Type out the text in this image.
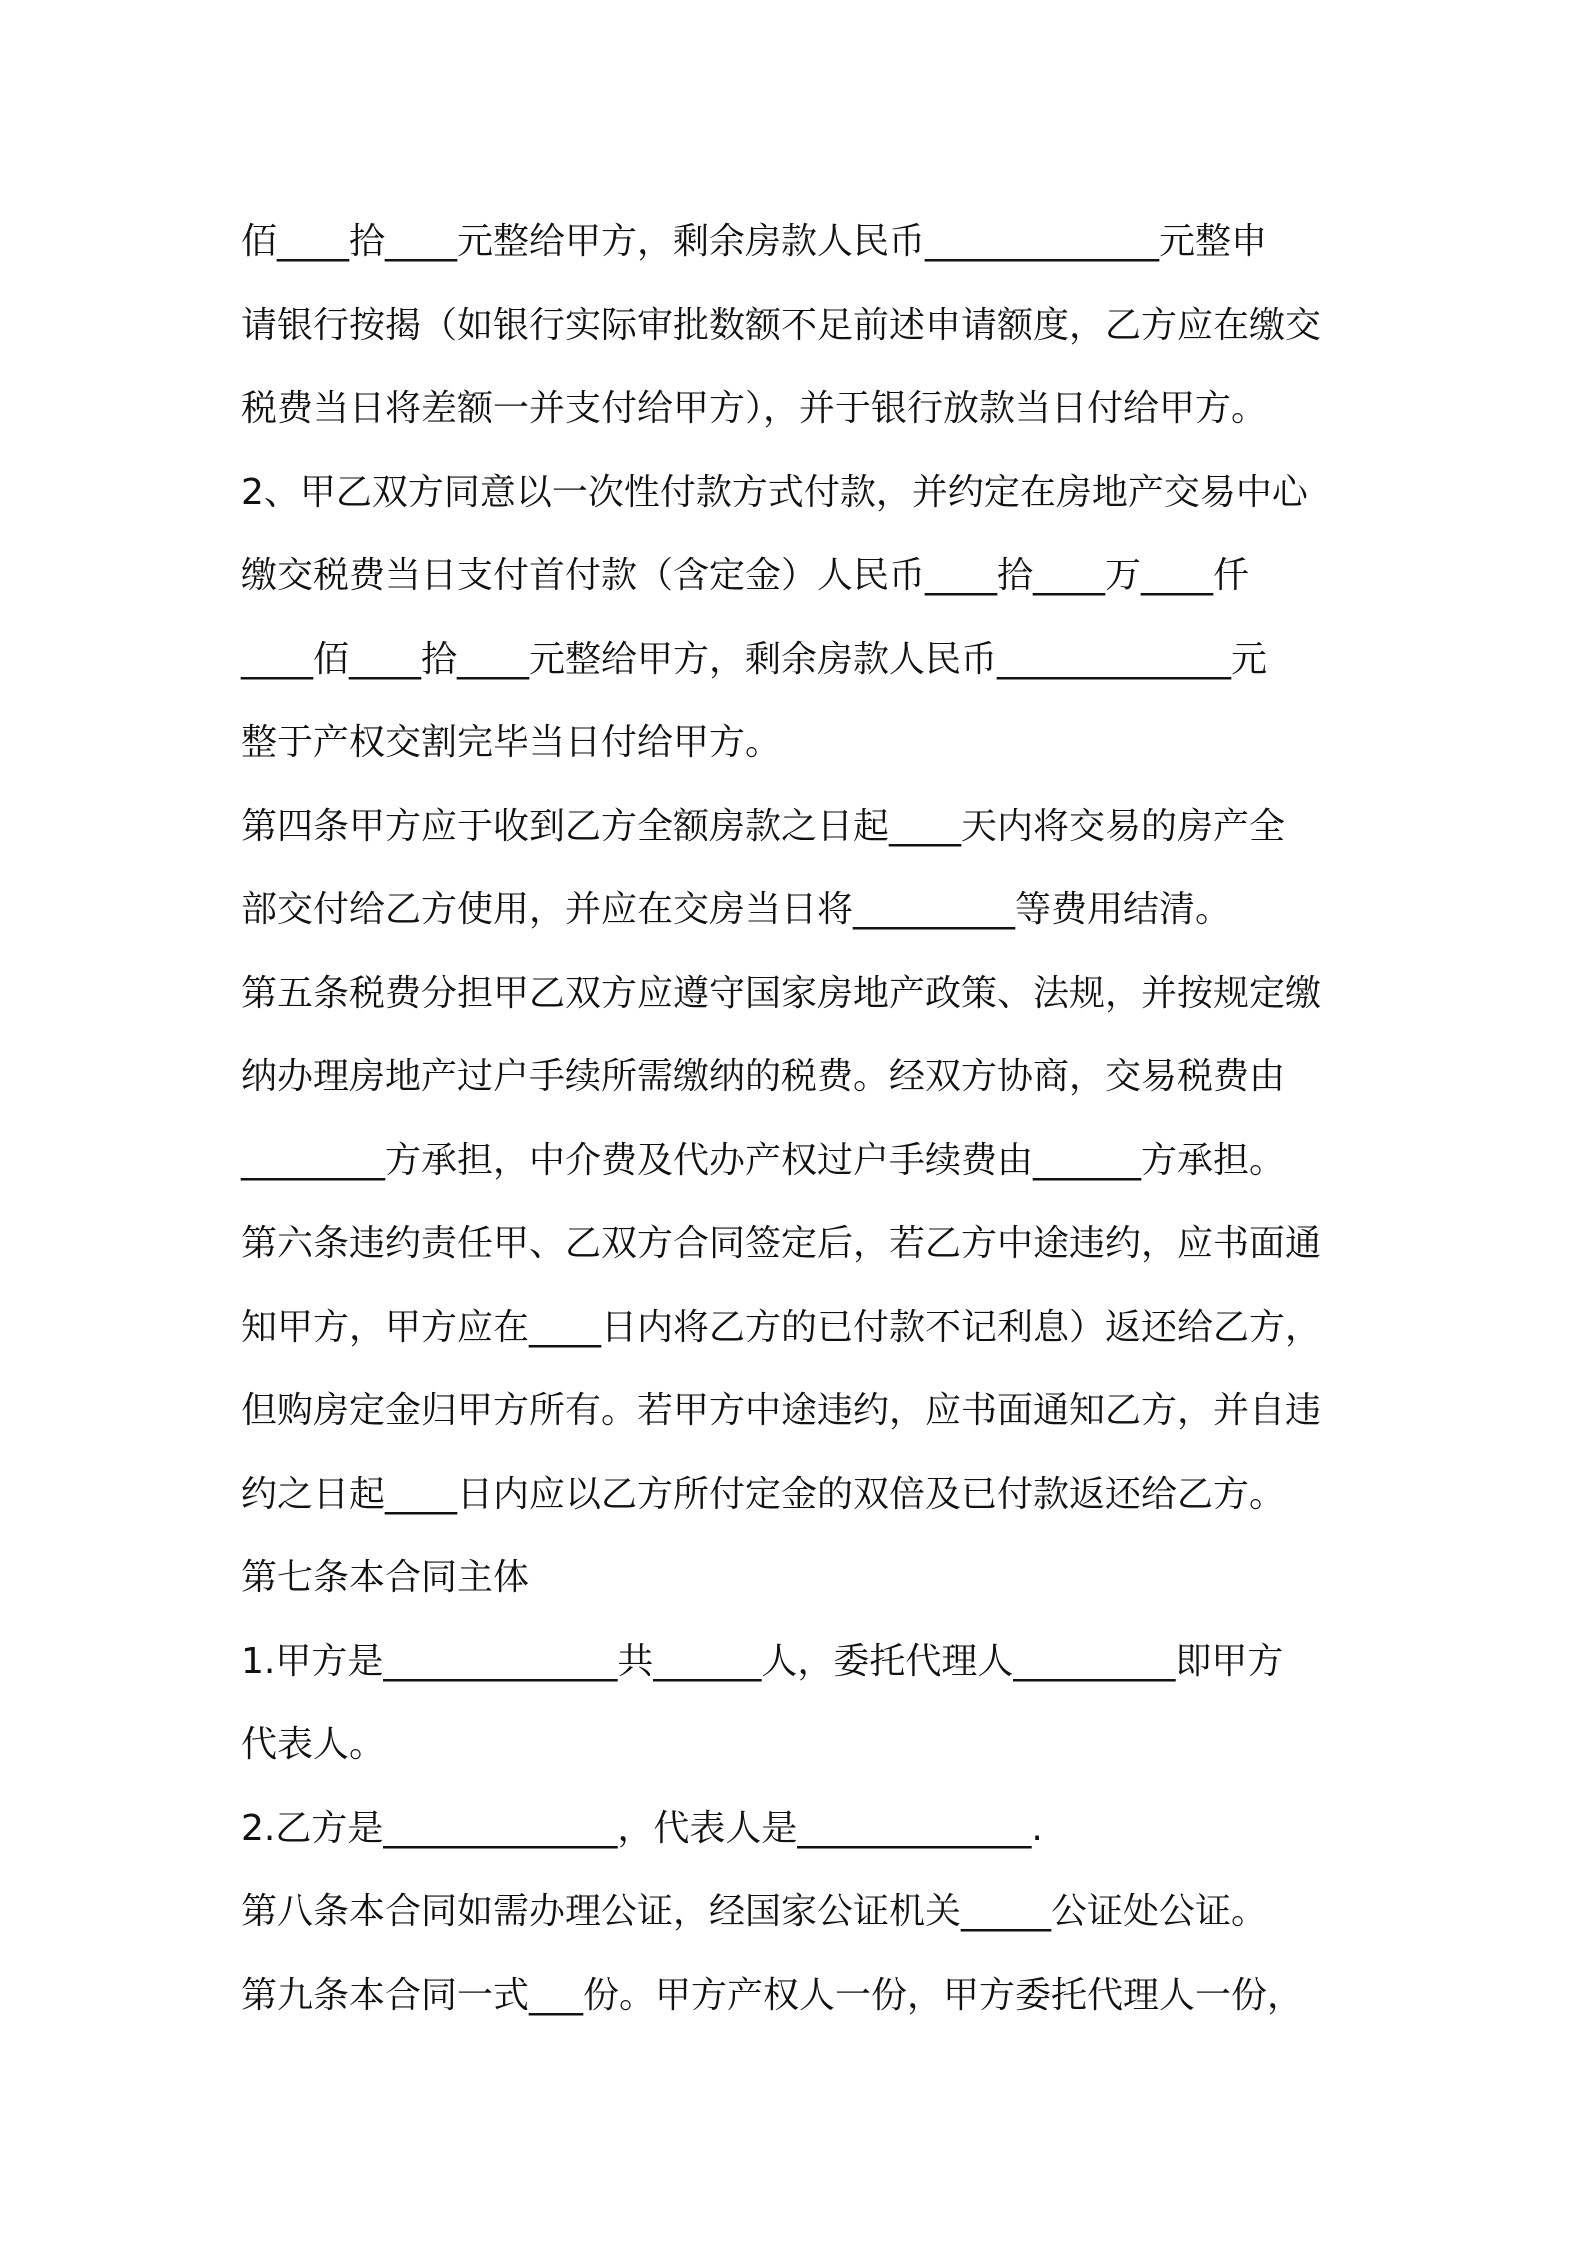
佰____拾____元整给甲方，剩余房款人民币_____________元整申
请银行按揭（如银行实际审批数额不足前述申请额度，乙方应在缴交
税费当日将差额一并支付给甲方），并于银行放款当日付给甲方。
2、甲乙双方同意以一次性付款方式付款，并约定在房地产交易中心
缴交税费当日支付首付款（含定金）人民币____拾____万____仟
____佰____拾____元整给甲方，剩余房款人民币_____________元
整于产权交割完毕当日付给甲方。
第四条甲方应于收到乙方全额房款之日起____天内将交易的房产全
部交付给乙方使用，并应在交房当日将_________等费用结清。
第五条税费分担甲乙双方应遵守国家房地产政策、法规，并按规定缴
纳办理房地产过户手续所需缴纳的税费。经双方协商，交易税费由
________方承担，中介费及代办产权过户手续费由______方承担。
第六条违约责任甲、乙双方合同签定后，若乙方中途违约，应书面通
知甲方，甲方应在____日内将乙方的已付款不记利息）返还给乙方，
但购房定金归甲方所有。若甲方中途违约，应书面通知乙方，并自违
约之日起____日内应以乙方所付定金的双倍及已付款返还给乙方。
第七条本合同主体
1.甲方是_____________共______人，委托代理人_________即甲方
代表人。
2.乙方是_____________，代表人是_____________.
第八条本合同如需办理公证，经国家公证机关_____公证处公证。
第九条本合同一式___份。甲方产权人一份，甲方委托代理人一份，
